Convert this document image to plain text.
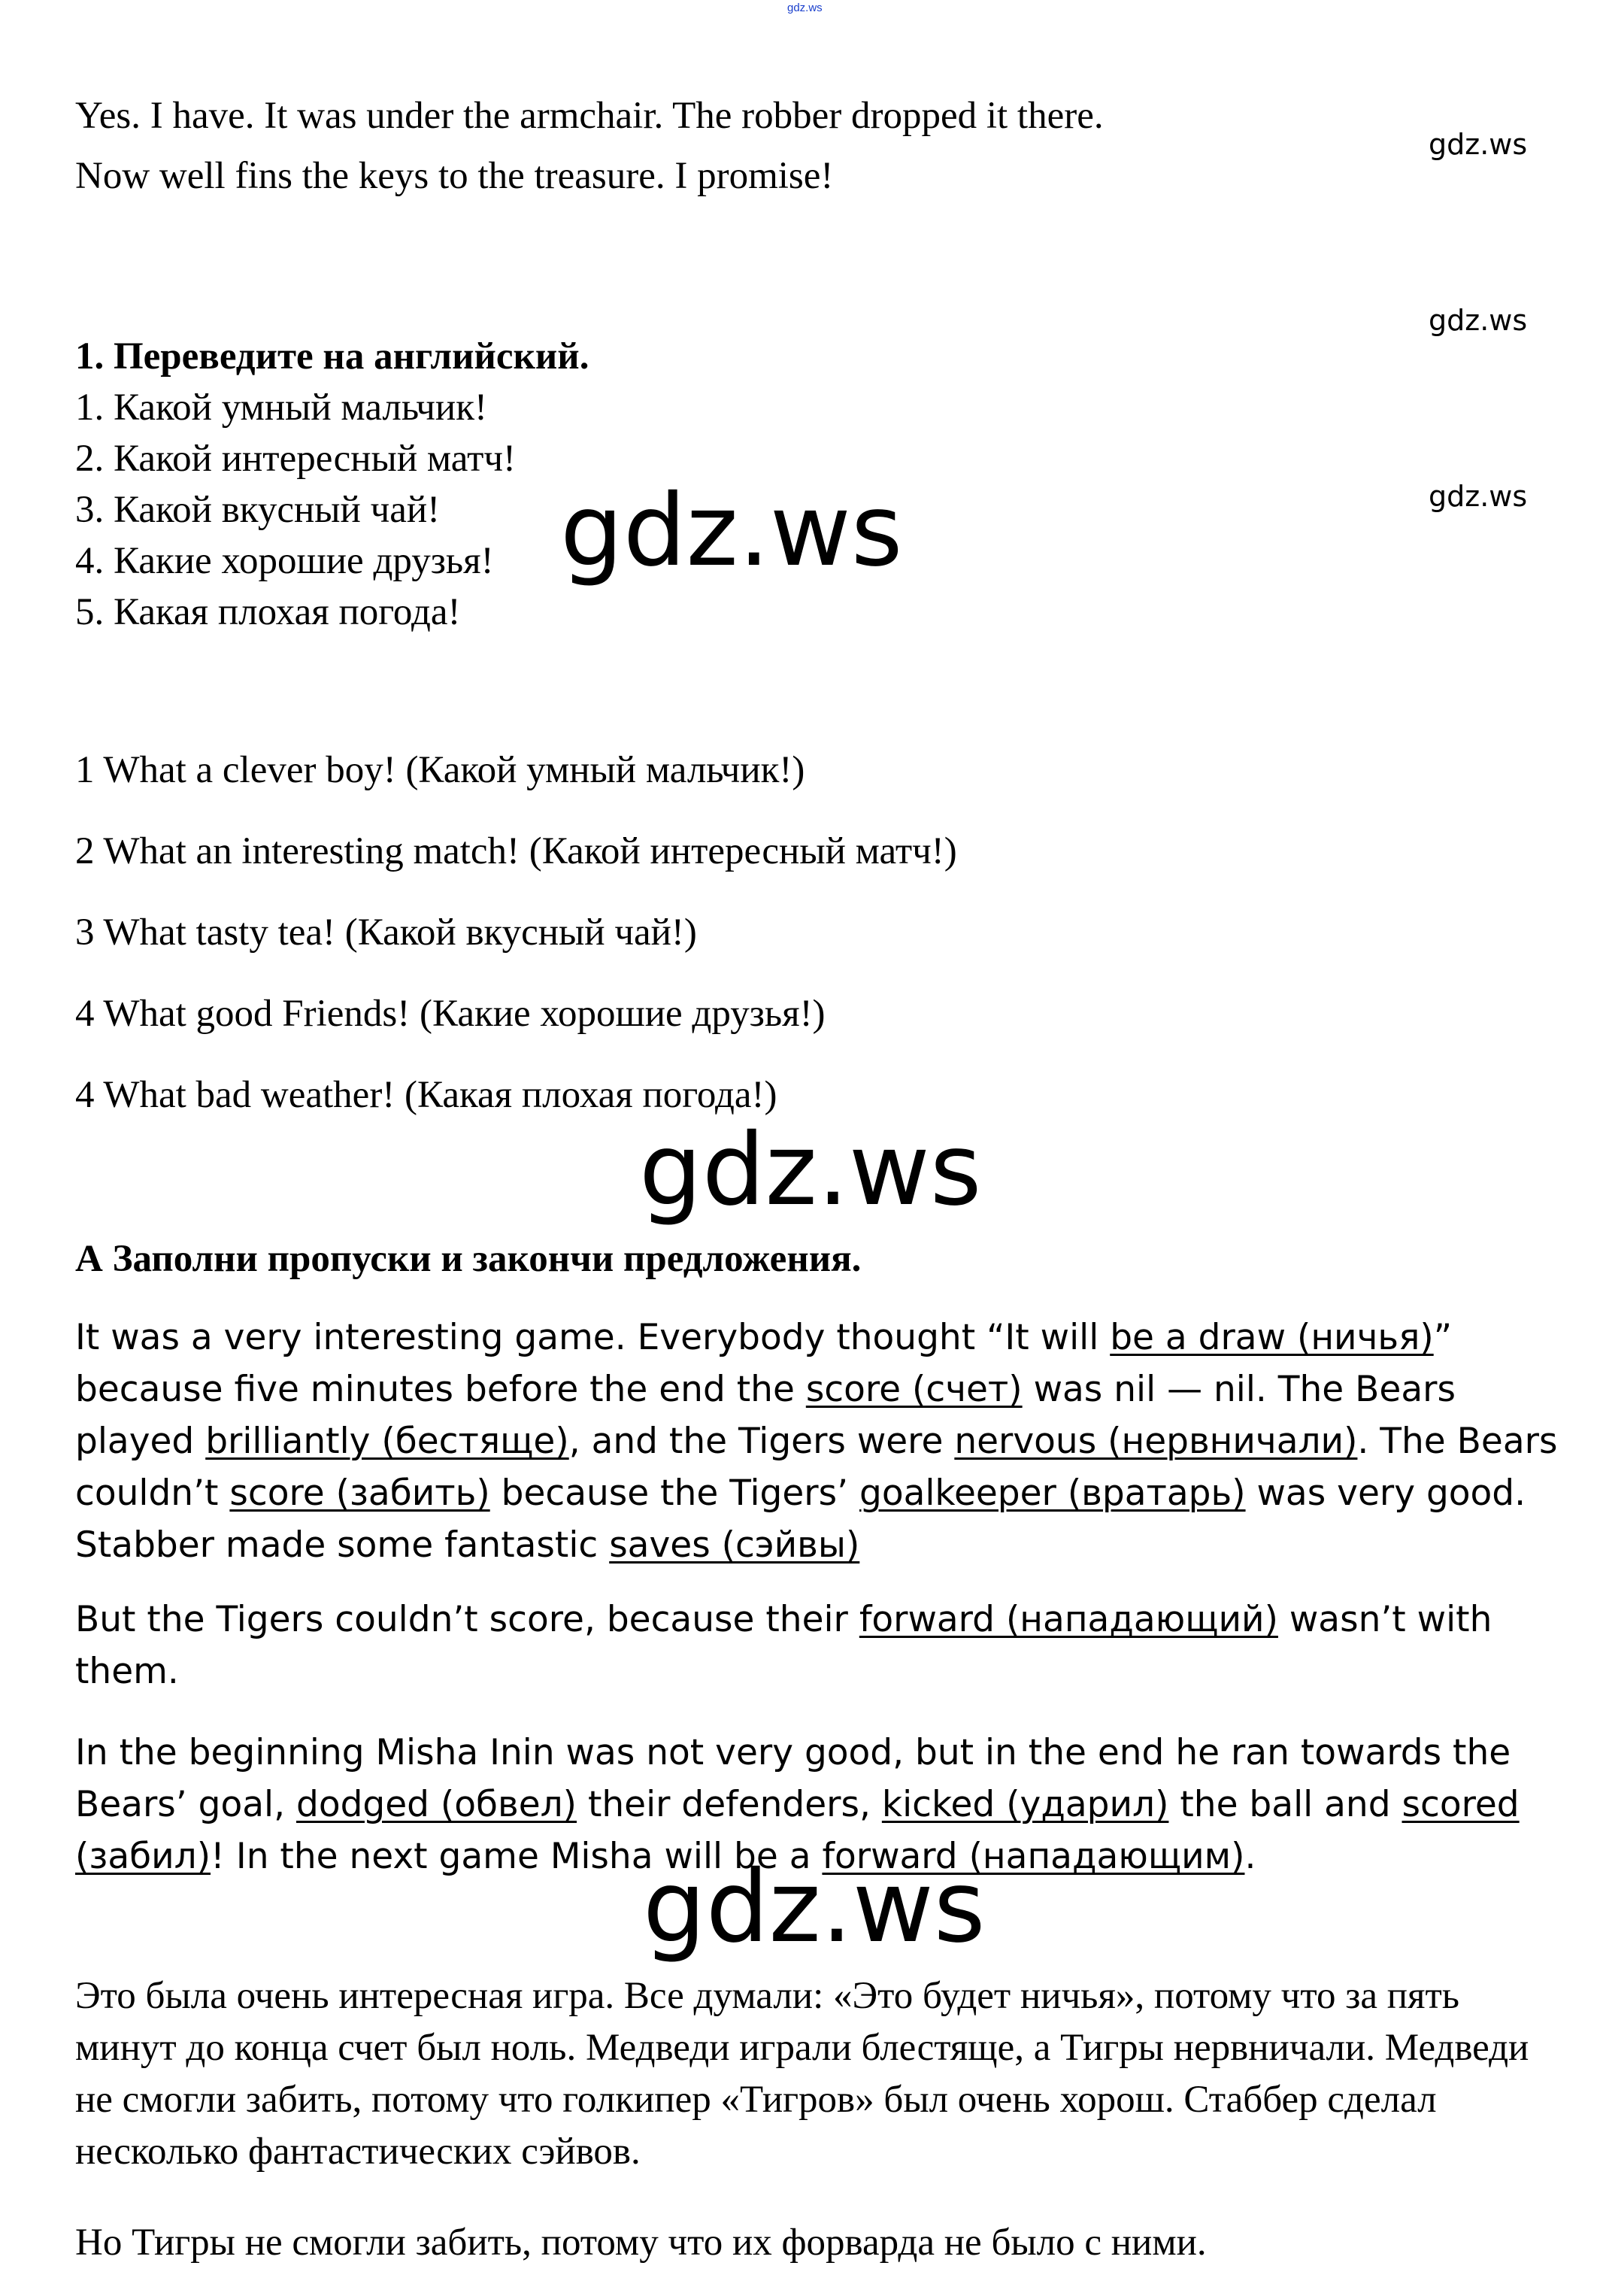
gdz.ws
gdz.ws
gdz.ws
gdz.ws
Yes. I have. It was under the armchair. The robber dropped it there.
Now well fins the keys to the treasure. I promise!
1. Переведите на английский.
1. Какой умный мальчик!
2. Какой интересный матч!
3. Какой вкусный чай!
4. Какие хорошие друзья!
5. Какая плохая погода!
gdz.ws
1 What a clever boy! (Какой умный мальчик!)
2 What an interesting match! (Какой интересный матч!)
3 What tasty tea! (Какой вкусный чай!)
4 What good Friends! (Какие хорошие друзья!)
4 What bad weather! (Какая плохая погода!)
gdz.ws
А Заполни пропуски и закончи предложения.

It was a very interesting game. Everybody thought “It will be a draw (ничья)” because five minutes before the end the score (счет) was nil — nil. The Bears played brilliantly (бестяще), and the Tigers were nervous (нервничали). The Bears couldn’t score (забить) because the Tigers’ goalkeeper (вратарь) was very good. Stabber made some fantastic saves (сэйвы)

But the Tigers couldn’t score, because their forward (нападающий) wasn’t with them.

In the beginning Misha Inin was not very good, but in the end he ran towards the Bears’ goal, dodged (обвел) their defenders, kicked (ударил) the ball and scored (забил)! In the next game Misha will be a forward (нападающим).

gdz.ws

Это была очень интересная игра. Все думали: «Это будет ничья», потому что за пять минут до конца счет был ноль. Медведи играли блестяще, а Тигры нервничали. Медведи не смогли забить, потому что голкипер «Тигров» был очень хорош. Стаббер сделал несколько фантастических сэйвов.

Но Тигры не смогли забить, потому что их форварда не было с ними.
